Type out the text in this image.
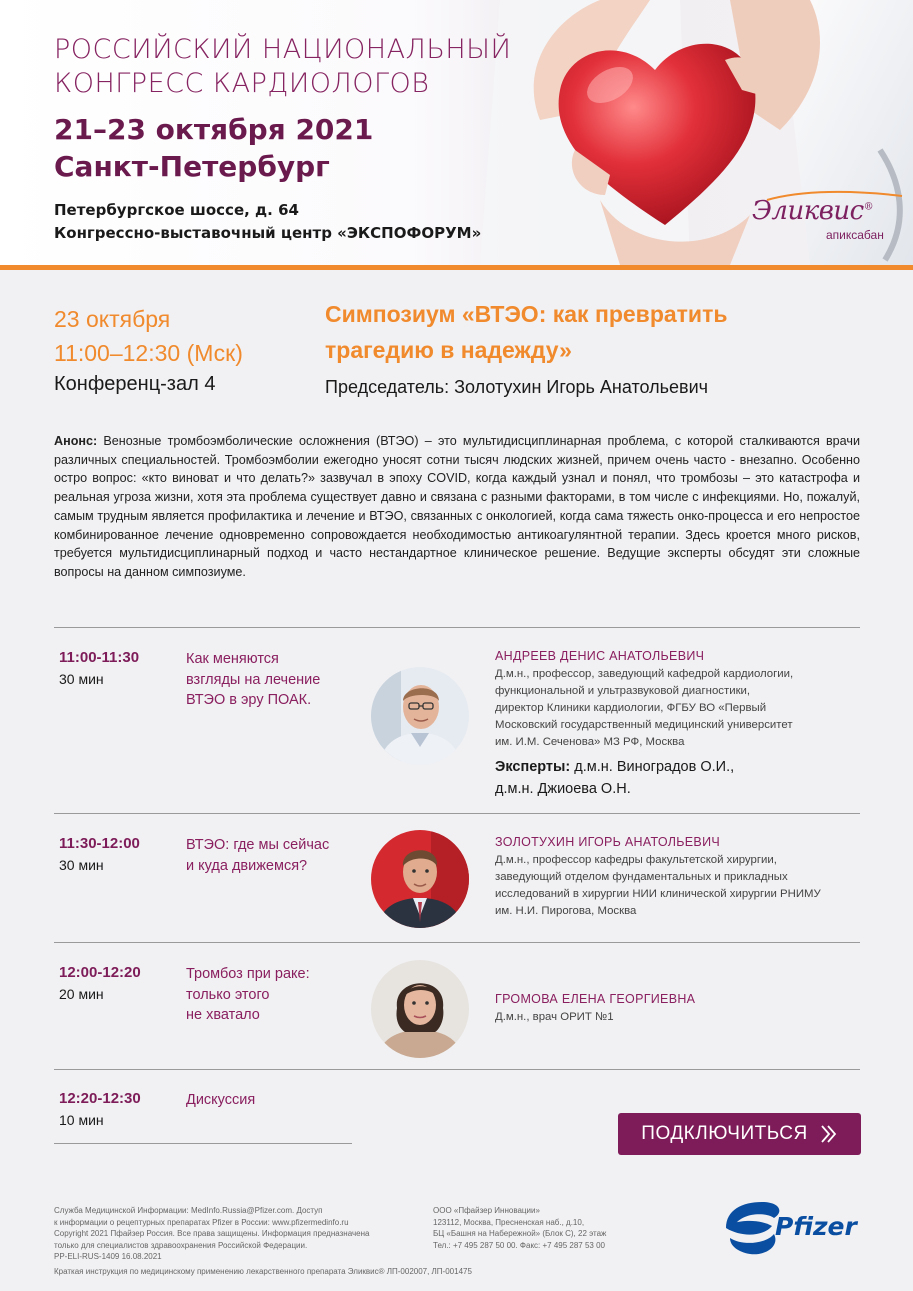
РОССИЙСКИЙ НАЦИОНАЛЬНЫЙ
КОНГРЕСС КАРДИОЛОГОВ
21–23 октября 2021
Санкт-Петербург
Петербургское шоссе, д. 64
Конгрессно-выставочный центр «ЭКСПОФОРУМ»
Эликвис®
апиксабан
23 октября
11:00–12:30 (Мск)
Конференц-зал 4
Симпозиум «ВТЭО: как превратить
трагедию в надежду»
Председатель: Золотухин Игорь Анатольевич
Анонс: Венозные тромбоэмболические осложнения (ВТЭО) – это мультидисциплинарная проблема, с которой сталкиваются врачи различных специальностей. Тромбоэмболии ежегодно уносят сотни тысяч людских жизней, причем очень часто - внезапно. Особенно остро вопрос: «кто виноват и что делать?» зазвучал в эпоху COVID, когда каждый узнал и понял, что тромбозы – это катастрофа и реальная угроза жизни, хотя эта проблема существует давно и связана с разными факторами, в том числе с инфекциями. Но, пожалуй, самым трудным является профилактика и лечение и ВТЭО, связанных с онкологией, когда сама тяжесть онко-процесса и его непростое комбинированное лечение одновременно сопровождается необходимостью антикоагулянтной терапии. Здесь кроется много рисков, требуется мультидисциплинарный подход и часто нестандартное клиническое решение. Ведущие эксперты обсудят эти сложные вопросы на данном симпозиуме.
11:00-11:30
30 мин
Как меняются
взгляды на лечение
ВТЭО в эру ПОАК.
АНДРЕЕВ ДЕНИС АНАТОЛЬЕВИЧ
Д.м.н., профессор, заведующий кафедрой кардиологии,
функциональной и ультразвуковой диагностики,
директор Клиники кардиологии, ФГБУ ВО «Первый
Московский государственный медицинский университет
им. И.М. Сеченова» МЗ РФ, Москва
Эксперты: д.м.н. Виноградов О.И.,
д.м.н. Джиоева О.Н.
11:30-12:00
30 мин
ВТЭО: где мы сейчас
и куда движемся?
ЗОЛОТУХИН ИГОРЬ АНАТОЛЬЕВИЧ
Д.м.н., профессор кафедры факультетской хирургии,
заведующий отделом фундаментальных и прикладных
исследований в хирургии НИИ клинической хирургии РНИМУ
им. Н.И. Пирогова, Москва
12:00-12:20
20 мин
Тромбоз при раке:
только этого
не хватало
ГРОМОВА ЕЛЕНА ГЕОРГИЕВНА
Д.м.н., врач ОРИТ №1
12:20-12:30
10 мин
Дискуссия
ПОДКЛЮЧИТЬСЯ
Служба Медицинской Информации: MedInfo.Russia@Pfizer.com. Доступ
к информации о рецептурных препаратах Pfizer в России: www.pfizermedinfo.ru
Copyright 2021 Пфайзер Россия. Все права защищены. Информация предназначена
только для специалистов здравоохранения Российской Федерации.
PP-ELI-RUS-1409 16.08.2021
ООО «Пфайзер Инновации»
123112, Москва, Пресненская наб., д.10,
БЦ «Башня на Набережной» (Блок С), 22 этаж
Тел.: +7 495 287 50 00. Факс: +7 495 287 53 00
Краткая инструкция по медицинскому применению лекарственного препарата Эликвис® ЛП-002007, ЛП-001475
Pfizer
